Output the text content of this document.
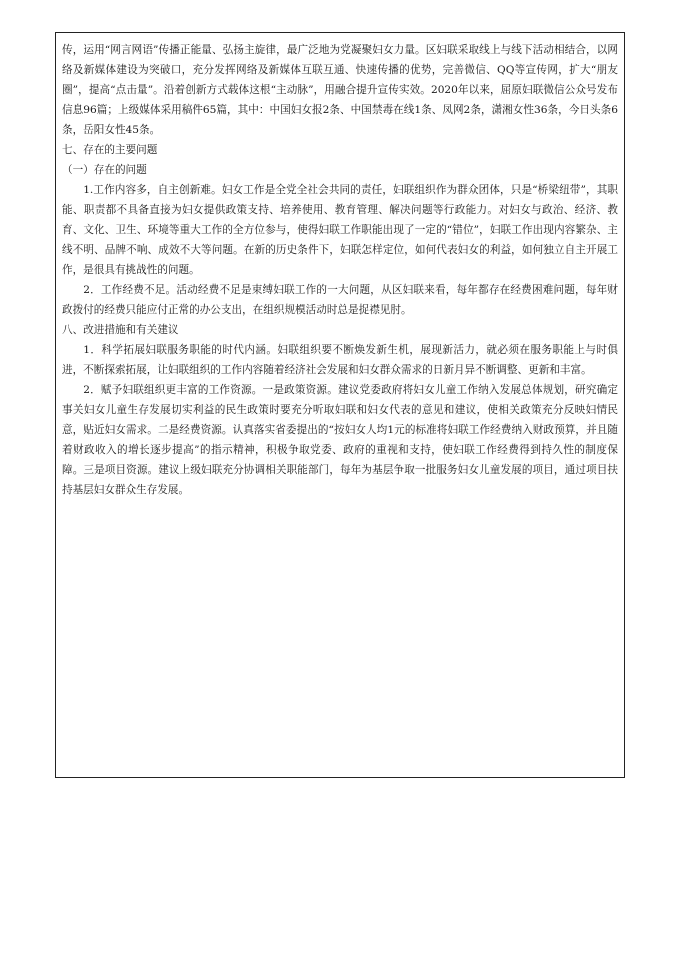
传，运用“网言网语”传播正能量、弘扬主旋律，最广泛地为党凝聚妇女力量。区妇联采取线上与线下活动相结合，以网络及新媒体建设为突破口，充分发挥网络及新媒体互联互通、快速传播的优势，完善微信、QQ等宣传网，扩大“朋友圈”，提高“点击量”。沿着创新方式载体这根“主动脉”，用融合提升宣传实效。2020年以来，屈原妇联微信公众号发布信息96篇；上级媒体采用稿件65篇，其中：中国妇女报2条、中国禁毒在线1条、凤网2条，潇湘女性36条，今日头条6条，岳阳女性45条。

七、存在的主要问题

（一）存在的问题

1.工作内容多，自主创新难。妇女工作是全党全社会共同的责任，妇联组织作为群众团体，只是“桥梁纽带”，其职能、职责都不具备直接为妇女提供政策支持、培养使用、教育管理、解决问题等行政能力。对妇女与政治、经济、教育、文化、卫生、环境等重大工作的全方位参与，使得妇联工作职能出现了一定的“错位”，妇联工作出现内容繁杂、主线不明、品牌不响、成效不大等问题。在新的历史条件下，妇联怎样定位，如何代表妇女的利益，如何独立自主开展工作，是很具有挑战性的问题。

2．工作经费不足。活动经费不足是束缚妇联工作的一大问题，从区妇联来看，每年都存在经费困难问题，每年财政拨付的经费只能应付正常的办公支出，在组织规模活动时总是捉襟见肘。

八、改进措施和有关建议

1．科学拓展妇联服务职能的时代内涵。妇联组织要不断焕发新生机，展现新活力，就必须在服务职能上与时俱进，不断探索拓展，让妇联组织的工作内容随着经济社会发展和妇女群众需求的日新月异不断调整、更新和丰富。

2．赋予妇联组织更丰富的工作资源。一是政策资源。建议党委政府将妇女儿童工作纳入发展总体规划，研究确定事关妇女儿童生存发展切实利益的民生政策时要充分听取妇联和妇女代表的意见和建议，使相关政策充分反映妇情民意，贴近妇女需求。二是经费资源。认真落实省委提出的“按妇女人均1元的标准将妇联工作经费纳入财政预算，并且随着财政收入的增长逐步提高”的指示精神，积极争取党委、政府的重视和支持，使妇联工作经费得到持久性的制度保障。三是项目资源。建议上级妇联充分协调相关职能部门，每年为基层争取一批服务妇女儿童发展的项目，通过项目扶持基层妇女群众生存发展。
